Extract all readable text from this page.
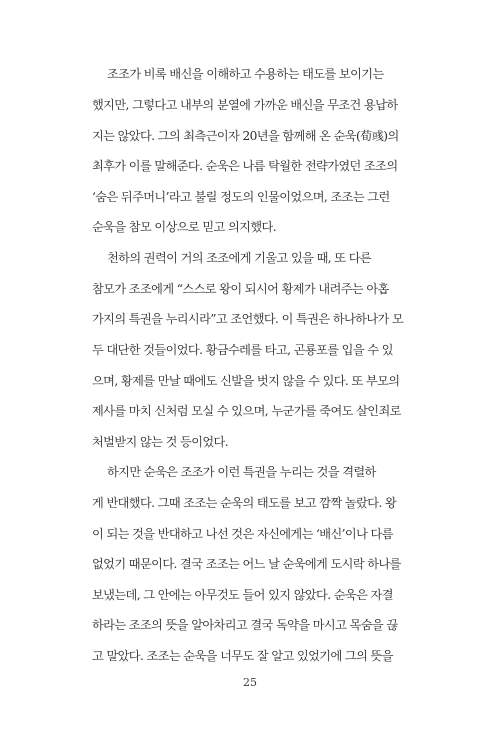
조조가 비록 배신을 이해하고 수용하는 태도를 보이기는
했지만, 그렇다고 내부의 분열에 가까운 배신을 무조건 용납하
지는 않았다. 그의 최측근이자 20년을 함께해 온 순욱(荀彧)의
최후가 이를 말해준다. 순욱은 나름 탁월한 전략가였던 조조의
‘숨은 뒤주머니’라고 불릴 정도의 인물이었으며, 조조는 그런
순욱을 참모 이상으로 믿고 의지했다.
천하의 권력이 거의 조조에게 기울고 있을 때, 또 다른
참모가 조조에게 “스스로 왕이 되시어 황제가 내려주는 아홉
가지의 특권을 누리시라”고 조언했다. 이 특권은 하나하나가 모
두 대단한 것들이었다. 황금수레를 타고, 곤룡포를 입을 수 있
으며, 황제를 만날 때에도 신발을 벗지 않을 수 있다. 또 부모의
제사를 마치 신처럼 모실 수 있으며, 누군가를 죽여도 살인죄로
처벌받지 않는 것 등이었다.
하지만 순욱은 조조가 이런 특권을 누리는 것을 격렬하
게 반대했다. 그때 조조는 순욱의 태도를 보고 깜짝 놀랐다. 왕
이 되는 것을 반대하고 나선 것은 자신에게는 ‘배신’이나 다름
없었기 때문이다. 결국 조조는 어느 날 순욱에게 도시락 하나를
보냈는데, 그 안에는 아무것도 들어 있지 않았다. 순욱은 자결
하라는 조조의 뜻을 알아차리고 결국 독약을 마시고 목숨을 끊
고 말았다. 조조는 순욱을 너무도 잘 알고 있었기에 그의 뜻을
25
